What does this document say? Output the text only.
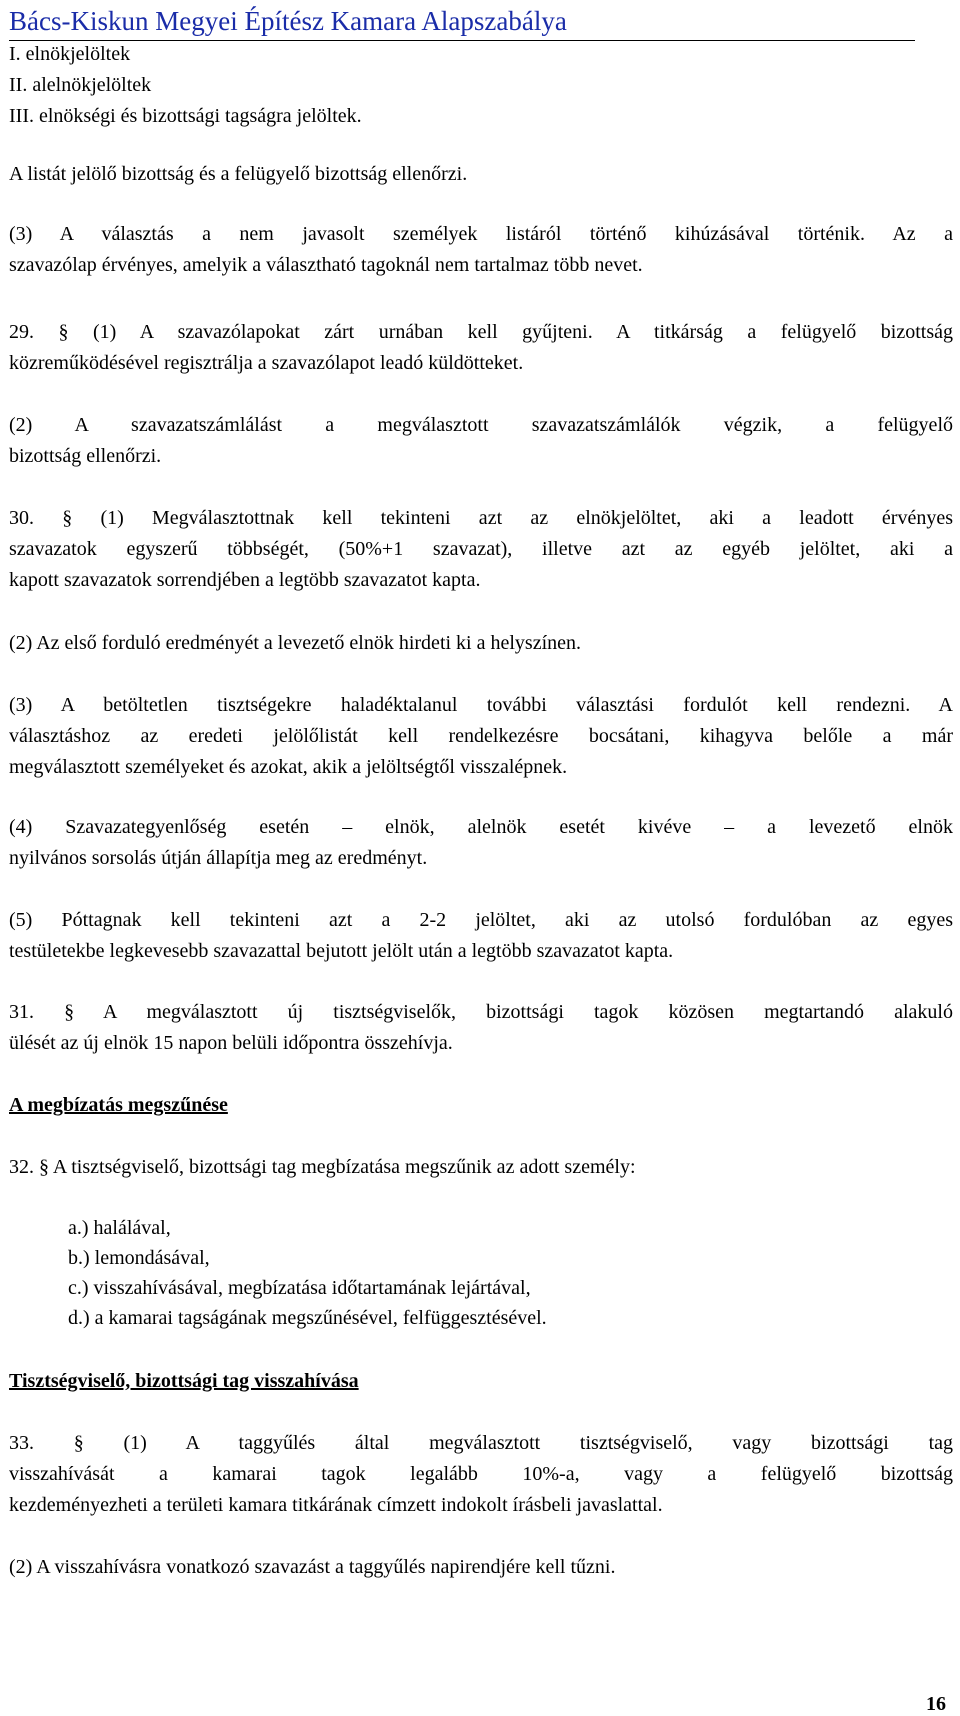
Bács-Kiskun Megyei Építész Kamara Alapszabálya
I. elnökjelöltek
II. alelnökjelöltek
III. elnökségi és bizottsági tagságra jelöltek.
A listát jelölő bizottság és a felügyelő bizottság ellenőrzi.
(3) A választás a nem javasolt személyek listáról történő kihúzásával történik. Az a
szavazólap érvényes, amelyik a választható tagoknál nem tartalmaz több nevet.
29. § (1) A szavazólapokat zárt urnában kell gyűjteni. A titkárság a felügyelő bizottság
közreműködésével regisztrálja a szavazólapot leadó küldötteket.
(2) A szavazatszámlálást a megválasztott szavazatszámlálók végzik, a felügyelő
bizottság ellenőrzi.
30. § (1) Megválasztottnak kell tekinteni azt az elnökjelöltet, aki a leadott érvényes
szavazatok egyszerű többségét, (50%+1 szavazat), illetve azt az egyéb jelöltet, aki a
kapott szavazatok sorrendjében a legtöbb szavazatot kapta.
(2) Az első forduló eredményét a levezető elnök hirdeti ki a helyszínen.
(3) A betöltetlen tisztségekre haladéktalanul további választási fordulót kell rendezni. A
választáshoz az eredeti jelölőlistát kell rendelkezésre bocsátani, kihagyva belőle a már
megválasztott személyeket és azokat, akik a jelöltségtől visszalépnek.
(4) Szavazategyenlőség esetén – elnök, alelnök esetét kivéve – a levezető elnök
nyilvános sorsolás útján állapítja meg az eredményt.
(5) Póttagnak kell tekinteni azt a 2-2 jelöltet, aki az utolsó fordulóban az egyes
testületekbe legkevesebb szavazattal bejutott jelölt után a legtöbb szavazatot kapta.
31. § A megválasztott új tisztségviselők, bizottsági tagok közösen megtartandó alakuló
ülését az új elnök 15 napon belüli időpontra összehívja.
A megbízatás megszűnése
32. § A tisztségviselő, bizottsági tag megbízatása megszűnik az adott személy:
a.) halálával,
b.) lemondásával,
c.) visszahívásával, megbízatása időtartamának lejártával,
d.) a kamarai tagságának megszűnésével, felfüggesztésével.
Tisztségviselő, bizottsági tag visszahívása
33. § (1) A taggyűlés által megválasztott tisztségviselő, vagy bizottsági tag
visszahívását a kamarai tagok legalább 10%-a, vagy a felügyelő bizottság
kezdeményezheti a területi kamara titkárának címzett indokolt írásbeli javaslattal.
(2) A visszahívásra vonatkozó szavazást a taggyűlés napirendjére kell tűzni.
16
